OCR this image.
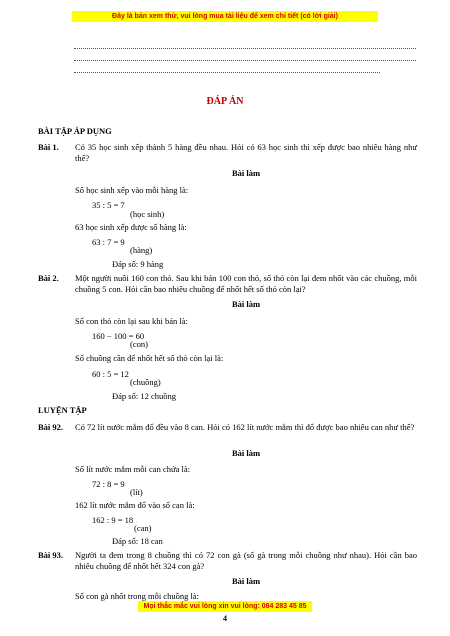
Đây là bản xem thử, vui lòng mua tài liệu để xem chi tiết (có lời giải)
ĐÁP ÁN
BÀI TẬP ÁP DỤNG
Bài 1. Có 35 học sinh xếp thành 5 hàng đều nhau. Hỏi có 63 học sinh thì xếp được bao nhiêu hàng như thế?
Bài làm
Số học sinh xếp vào mỗi hàng là:
35 : 5 = 7
(học sinh)
63 học sinh xếp được số hàng là:
63 : 7 = 9
(hàng)
Đáp số: 9 hàng
Bài 2. Một người nuôi 160 con thỏ. Sau khi bán 100 con thỏ, số thỏ còn lại đem nhốt vào các chuồng, mỗi chuồng 5 con. Hỏi cần bao nhiêu chuồng để nhốt hết số thỏ còn lại?
Bài làm
Số con thỏ còn lại sau khi bán là:
160 − 100 = 60
(con)
Số chuồng cần để nhốt hết số thỏ còn lại là:
60 : 5 = 12
(chuồng)
Đáp số: 12 chuồng
LUYỆN TẬP
Bài 92. Có 72 lít nước mắm đổ đều vào 8 can. Hỏi có 162 lít nước mắm thì đổ được bao nhiêu can như thế?
Bài làm
Số lít nước mắm mỗi can chứa là:
72 : 8 = 9
(lít)
162 lít nước mắm đổ vào số can là:
162 : 9 = 18
(can)
Đáp số: 18 can
Bài 93. Người ta đem trong 8 chuồng thì có 72 con gà (số gà trong mỗi chuồng như nhau). Hỏi cần bao nhiêu chuồng để nhốt hết 324 con gà?
Bài làm
Số con gà nhốt trong mỗi chuồng là:
Mọi thắc mắc vui lòng xin vui lòng: 084 283 45 85
4
